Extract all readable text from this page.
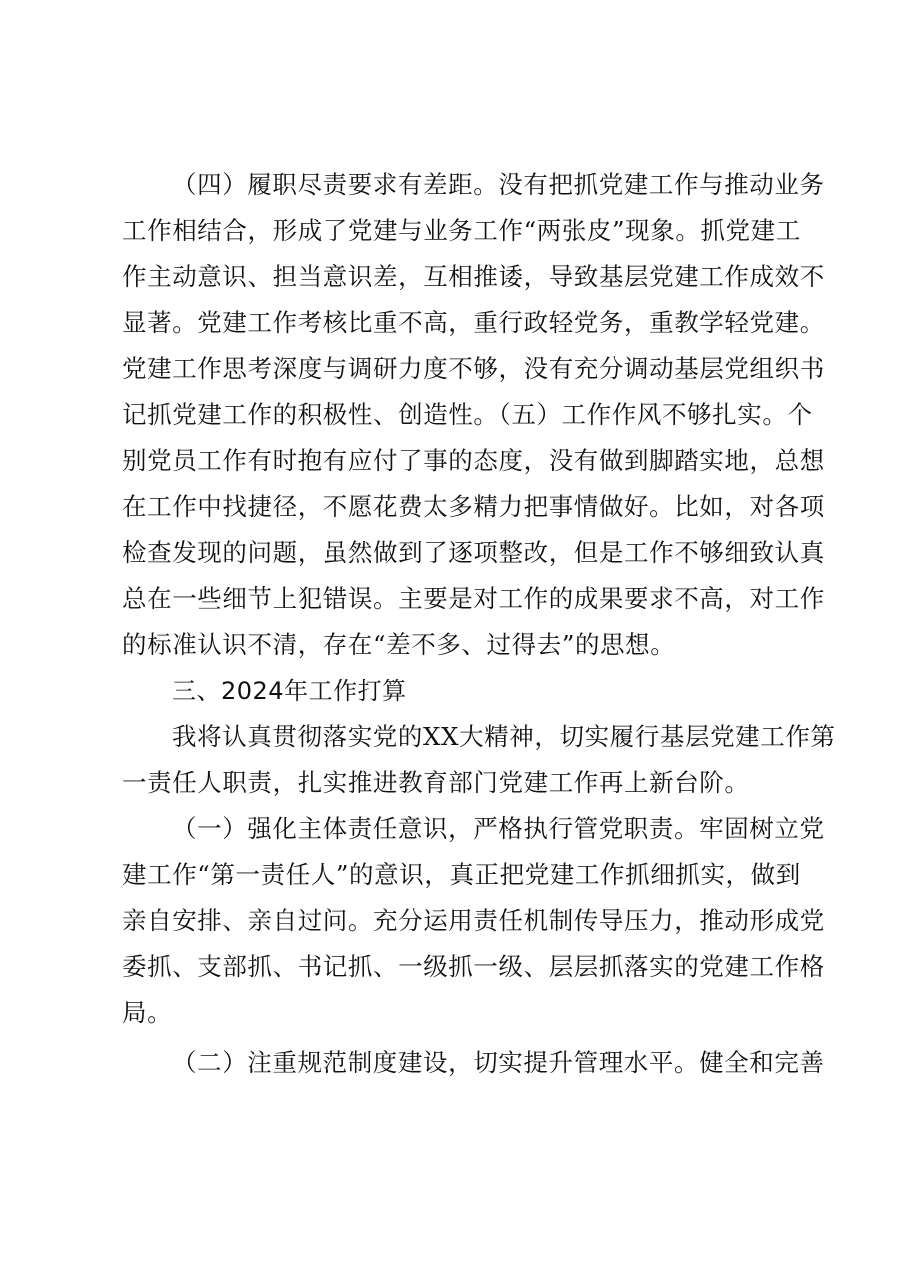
（四）履职尽责要求有差距。没有把抓党建工作与推动业务
工作相结合，形成了党建与业务工作“两张皮”现象。抓党建工
作主动意识、担当意识差，互相推诿，导致基层党建工作成效不
显著。党建工作考核比重不高，重行政轻党务，重教学轻党建。
党建工作思考深度与调研力度不够，没有充分调动基层党组织书
记抓党建工作的积极性、创造性。（五）工作作风不够扎实。个
别党员工作有时抱有应付了事的态度，没有做到脚踏实地，总想
在工作中找捷径，不愿花费太多精力把事情做好。比如，对各项
检查发现的问题，虽然做到了逐项整改，但是工作不够细致认真
总在一些细节上犯错误。主要是对工作的成果要求不高，对工作
的标准认识不清，存在“差不多、过得去”的思想。
三、2024年工作打算
我将认真贯彻落实党的XX大精神，切实履行基层党建工作第
一责任人职责，扎实推进教育部门党建工作再上新台阶。
（一）强化主体责任意识，严格执行管党职责。牢固树立党
建工作“第一责任人”的意识，真正把党建工作抓细抓实，做到
亲自安排、亲自过问。充分运用责任机制传导压力，推动形成党
委抓、支部抓、书记抓、一级抓一级、层层抓落实的党建工作格
局。
（二）注重规范制度建设，切实提升管理水平。健全和完善
